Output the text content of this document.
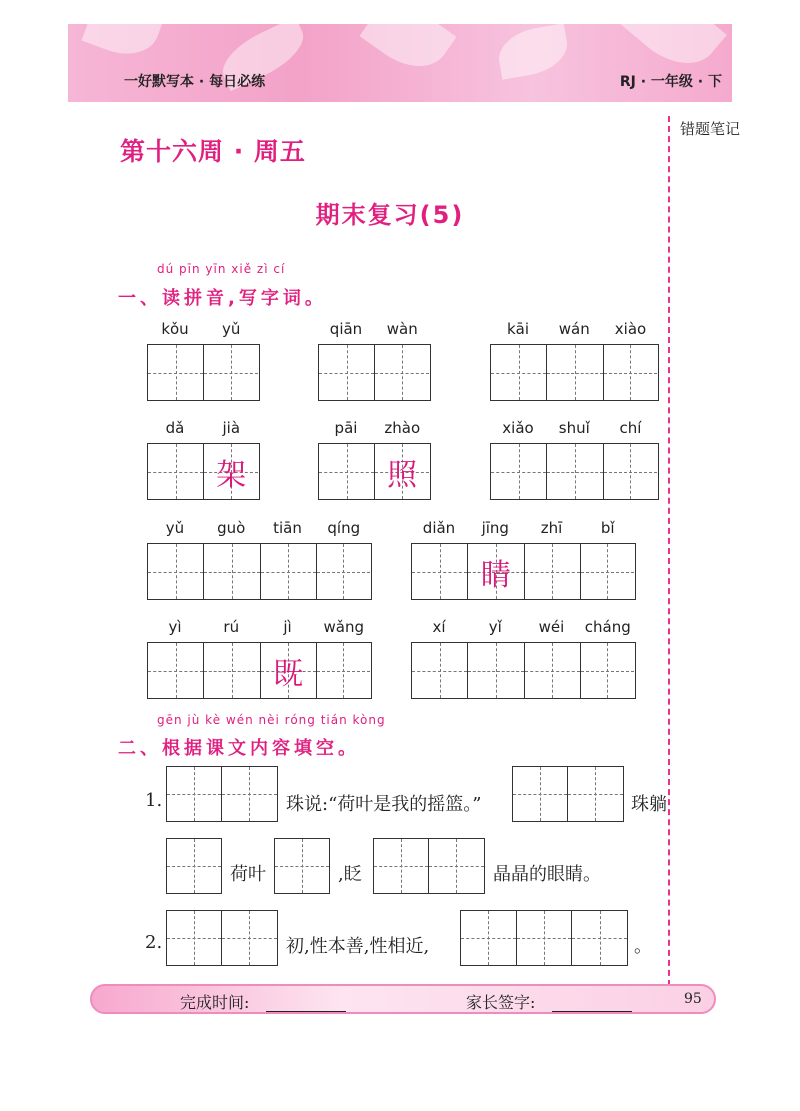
一好默写本 · 每日必练	RJ · 一年级 · 下
错题笔记
第十六周 · 周五
期末复习(5)
dú pīn yīn xiě zì cí
一、读拼音,写字词。
kǒu	yǔ	qiān	wàn	kāi	wán	xiào
dǎ	jià
架
pāi	zhào
照
xiǎo	shuǐ	chí
yǔ	guò	tiān	qíng	diǎn	jīng	zhī	bǐ
睛
yì	rú	jì	wǎng
既
xí	yǐ	wéi	cháng
gēn jù kè wén nèi róng tián kòng
二、根据课文内容填空。
1.	珠说:“荷叶是我的摇篮。”	珠躺
荷叶	,眨	晶晶的眼睛。
2.	初,性本善,性相近,	。
完成时间:	家长签字:	95
